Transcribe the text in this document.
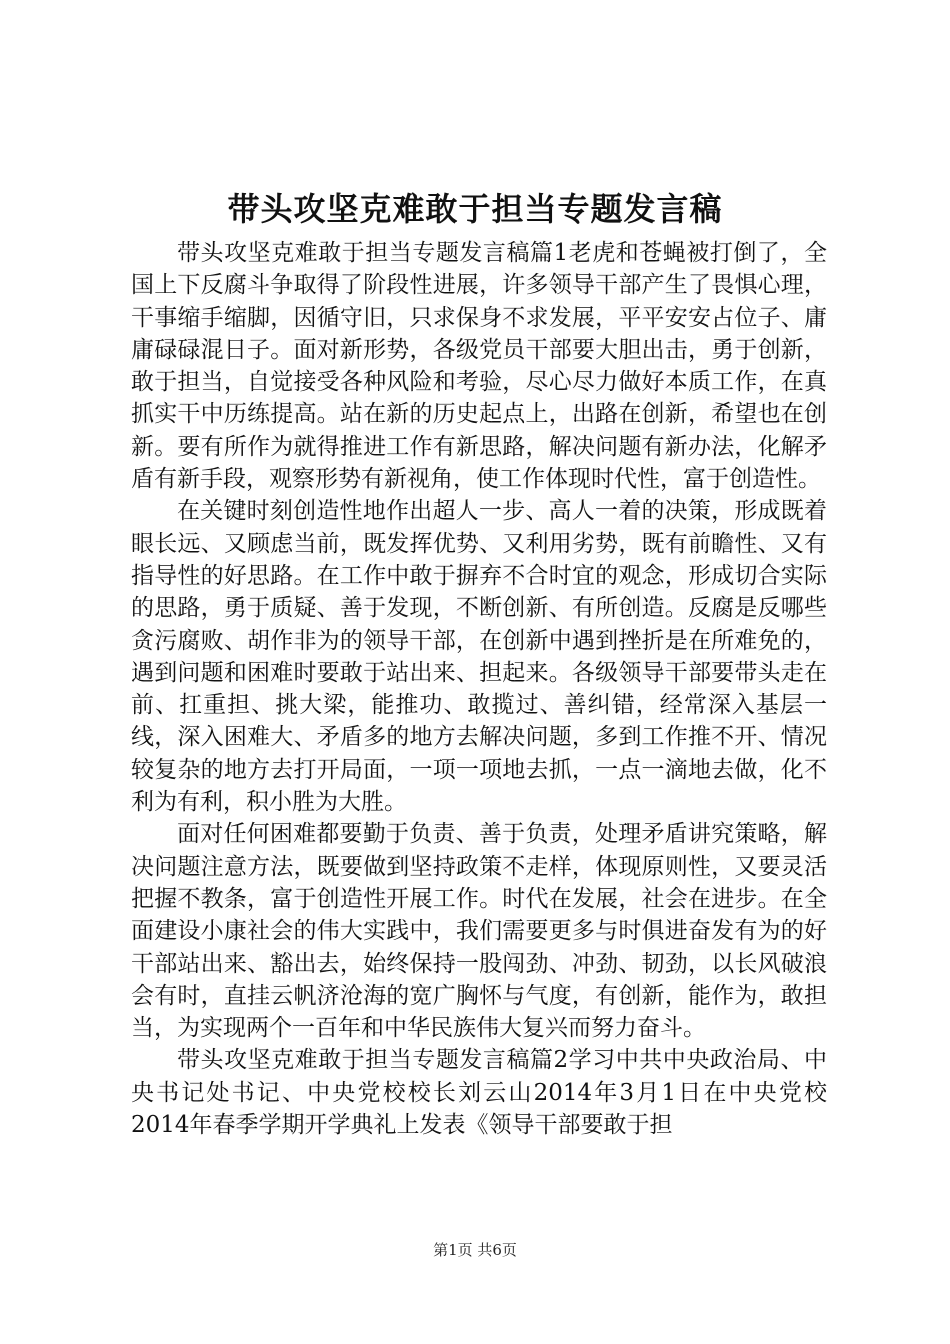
带头攻坚克难敢于担当专题发言稿

带头攻坚克难敢于担当专题发言稿篇1老虎和苍蝇被打倒了，全国上下反腐斗争取得了阶段性进展，许多领导干部产生了畏惧心理，干事缩手缩脚，因循守旧，只求保身不求发展，平平安安占位子、庸庸碌碌混日子。面对新形势，各级党员干部要大胆出击，勇于创新，敢于担当，自觉接受各种风险和考验，尽心尽力做好本质工作，在真抓实干中历练提高。站在新的历史起点上，出路在创新，希望也在创新。要有所作为就得推进工作有新思路，解决问题有新办法，化解矛盾有新手段，观察形势有新视角，使工作体现时代性，富于创造性。

在关键时刻创造性地作出超人一步、高人一着的决策，形成既着眼长远、又顾虑当前，既发挥优势、又利用劣势，既有前瞻性、又有指导性的好思路。在工作中敢于摒弃不合时宜的观念，形成切合实际的思路，勇于质疑、善于发现，不断创新、有所创造。反腐是反哪些贪污腐败、胡作非为的领导干部，在创新中遇到挫折是在所难免的，遇到问题和困难时要敢于站出来、担起来。各级领导干部要带头走在前、扛重担、挑大梁，能推功、敢揽过、善纠错，经常深入基层一线，深入困难大、矛盾多的地方去解决问题，多到工作推不开、情况较复杂的地方去打开局面，一项一项地去抓，一点一滴地去做，化不利为有利，积小胜为大胜。

面对任何困难都要勤于负责、善于负责，处理矛盾讲究策略，解决问题注意方法，既要做到坚持政策不走样，体现原则性，又要灵活把握不教条，富于创造性开展工作。时代在发展，社会在进步。在全面建设小康社会的伟大实践中，我们需要更多与时俱进奋发有为的好干部站出来、豁出去，始终保持一股闯劲、冲劲、韧劲，以长风破浪会有时，直挂云帆济沧海的宽广胸怀与气度，有创新，能作为，敢担当，为实现两个一百年和中华民族伟大复兴而努力奋斗。

带头攻坚克难敢于担当专题发言稿篇2学习中共中央政治局、中央书记处书记、中央党校校长刘云山2014年3月1日在中央党校2014年春季学期开学典礼上发表《领导干部要敢于担

第1页 共6页
